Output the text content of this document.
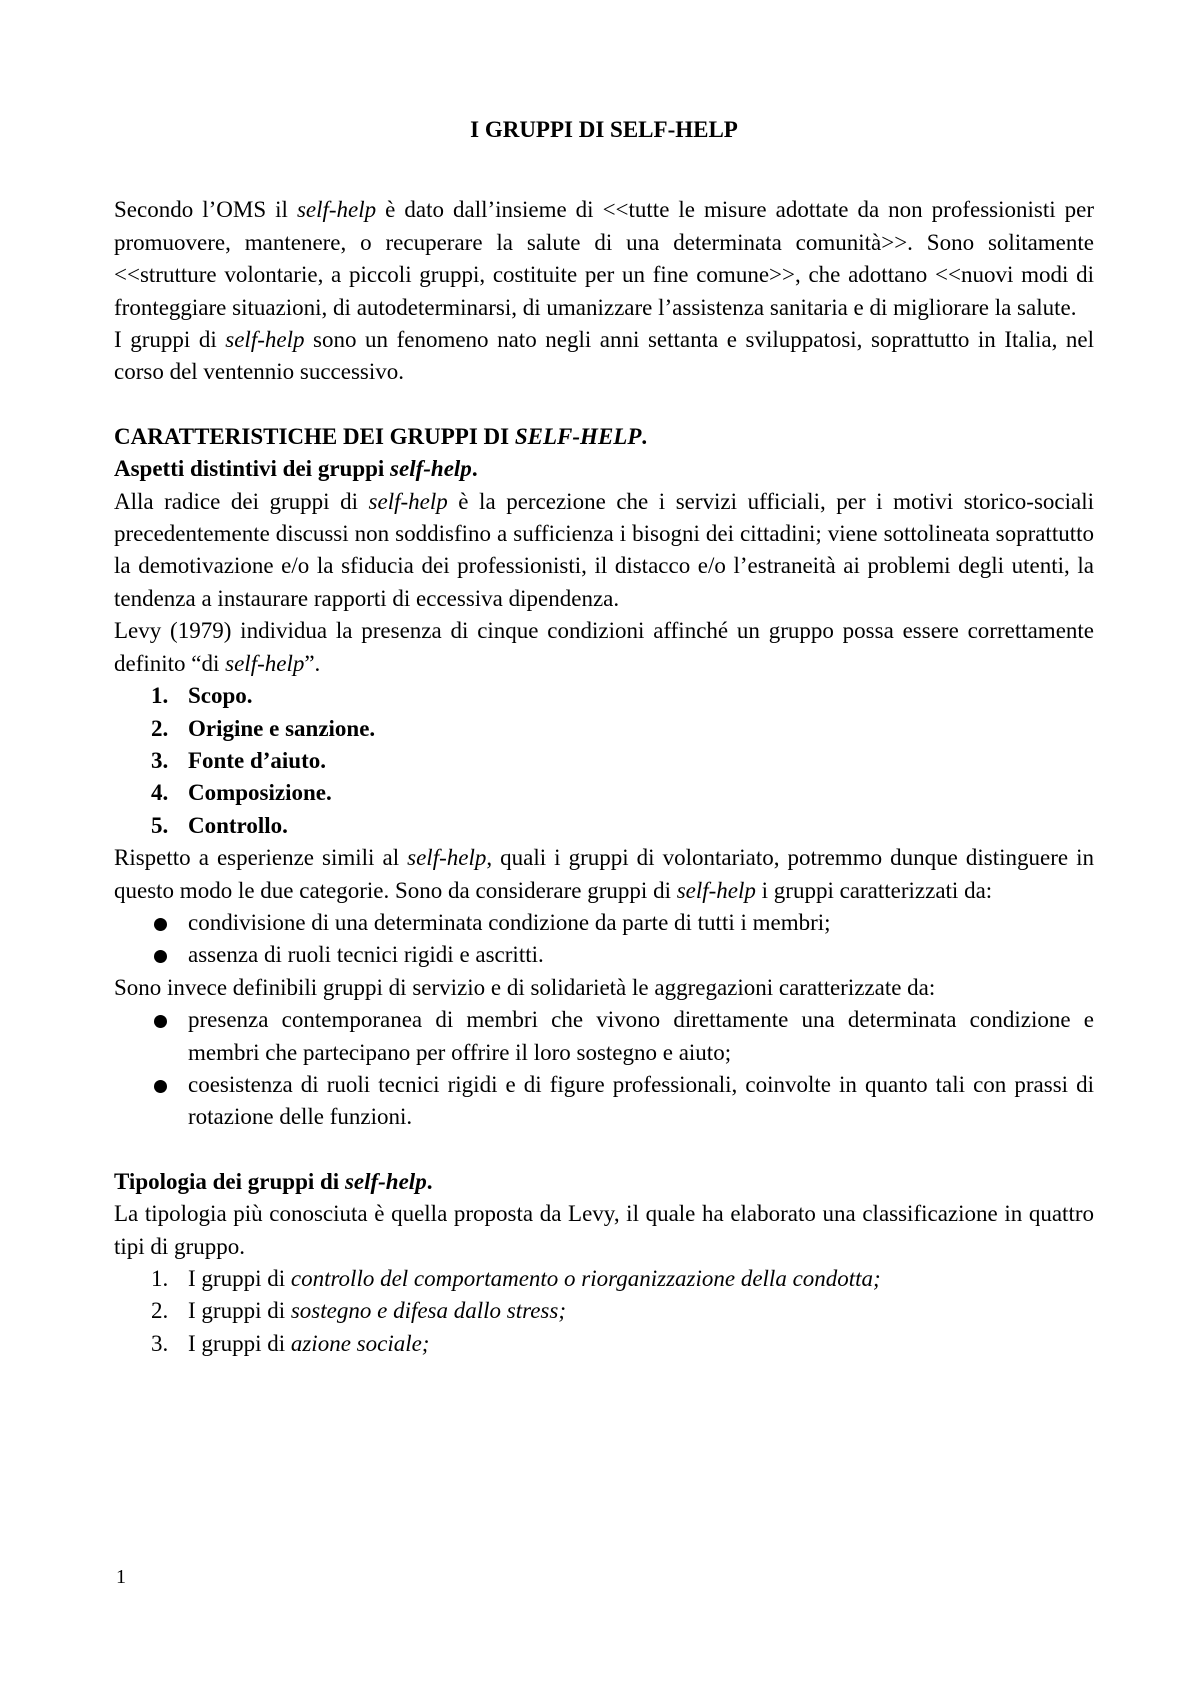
I GRUPPI DI SELF-HELP

Secondo l’OMS il self-help è dato dall’insieme di <<tutte le misure adottate da non professionisti per promuovere, mantenere, o recuperare la salute di una determinata comunità>>. Sono solitamente <<strutture volontarie, a piccoli gruppi, costituite per un fine comune>>, che adottano <<nuovi modi di fronteggiare situazioni, di autodeterminarsi, di umanizzare l’assistenza sanitaria e di migliorare la salute.

I gruppi di self-help sono un fenomeno nato negli anni settanta e sviluppatosi, soprattutto in Italia, nel corso del ventennio successivo.

CARATTERISTICHE DEI GRUPPI DI SELF-HELP.
Aspetti distintivi dei gruppi self-help.

Alla radice dei gruppi di self-help è la percezione che i servizi ufficiali, per i motivi storico-sociali precedentemente discussi non soddisfino a sufficienza i bisogni dei cittadini; viene sottolineata soprattutto la demotivazione e/o la sfiducia dei professionisti, il distacco e/o l’estraneità ai problemi degli utenti, la tendenza a instaurare rapporti di eccessiva dipendenza.

Levy (1979) individua la presenza di cinque condizioni affinché un gruppo possa essere correttamente definito “di self-help”.

1. Scopo.
2. Origine e sanzione.
3. Fonte d’aiuto.
4. Composizione.
5. Controllo.

Rispetto a esperienze simili al self-help, quali i gruppi di volontariato, potremmo dunque distinguere in questo modo le due categorie. Sono da considerare gruppi di self-help i gruppi caratterizzati da:

condivisione di una determinata condizione da parte di tutti i membri;
assenza di ruoli tecnici rigidi e ascritti.

Sono invece definibili gruppi di servizio e di solidarietà le aggregazioni caratterizzate da:

presenza contemporanea di membri che vivono direttamente una determinata condizione e membri che partecipano per offrire il loro sostegno e aiuto;
coesistenza di ruoli tecnici rigidi e di figure professionali, coinvolte in quanto tali con prassi di rotazione delle funzioni.
Tipologia dei gruppi di self-help.

La tipologia più conosciuta è quella proposta da Levy, il quale ha elaborato una classificazione in quattro tipi di gruppo.

1. I gruppi di controllo del comportamento o riorganizzazione della condotta;
2. I gruppi di sostegno e difesa dallo stress;
3. I gruppi di azione sociale;
1
